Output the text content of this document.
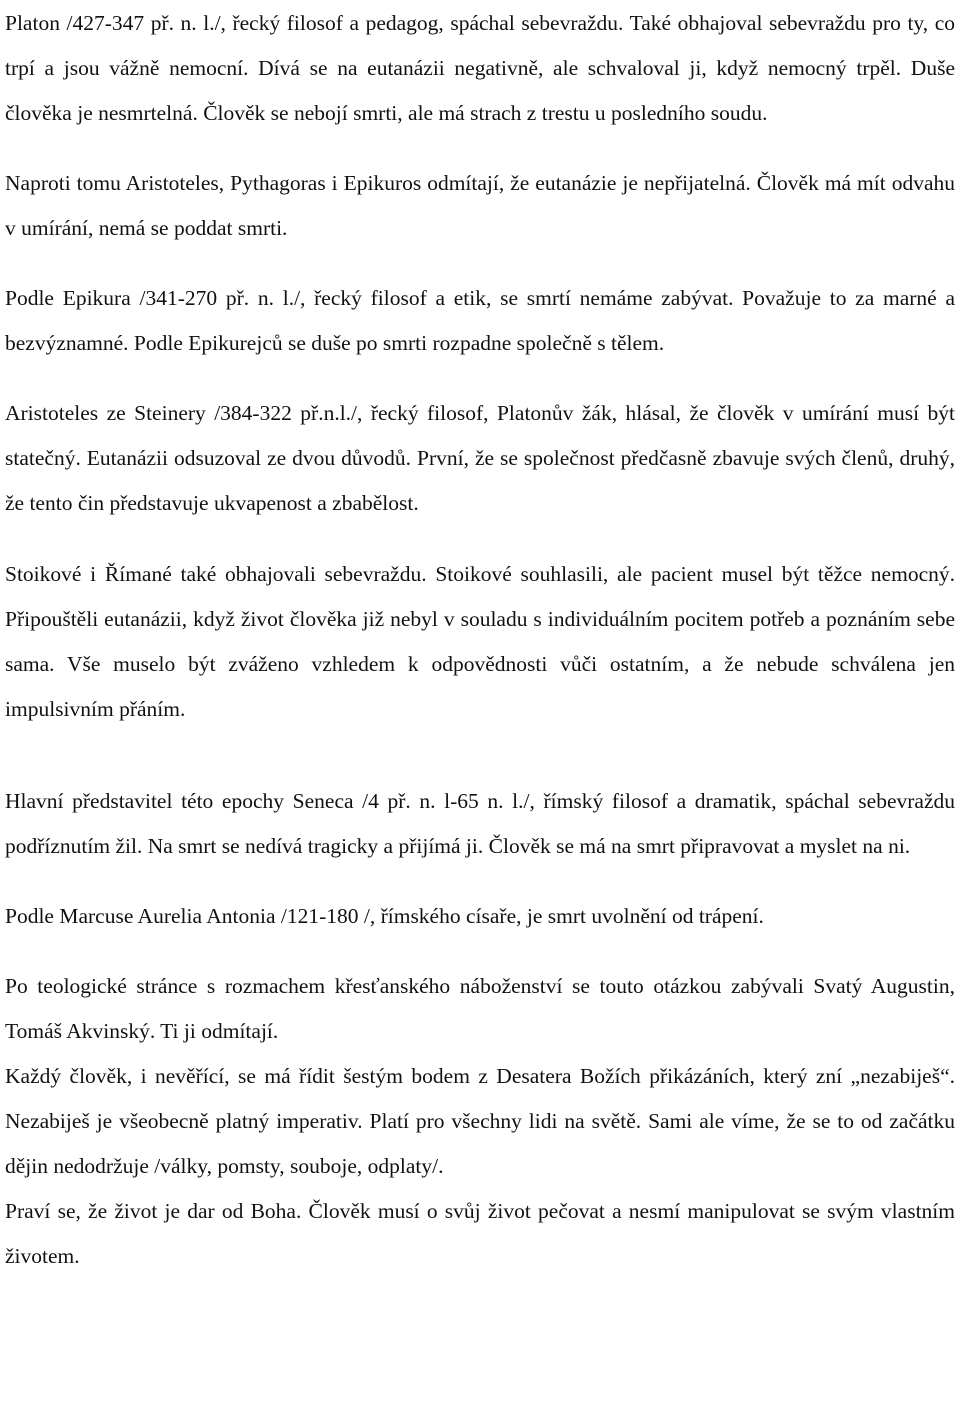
Platon /427-347 př. n. l./, řecký filosof a pedagog, spáchal sebevraždu. Také obhajoval sebevraždu pro ty, co trpí a jsou vážně nemocní. Dívá se na eutanázii negativně, ale schvaloval ji, když nemocný trpěl. Duše člověka je nesmrtelná. Člověk se nebojí smrti, ale má strach z trestu u posledního soudu.

Naproti tomu Aristoteles, Pythagoras i Epikuros odmítají, že eutanázie je nepřijatelná. Člověk má mít odvahu v umírání, nemá se poddat smrti.

Podle Epikura /341-270 př. n. l./, řecký filosof a etik, se smrtí nemáme zabývat. Považuje to za marné a bezvýznamné. Podle Epikurejců se duše po smrti rozpadne společně s tělem.

Aristoteles ze Steinery /384-322 př.n.l./, řecký filosof, Platonův žák, hlásal, že člověk v umírání musí být statečný. Eutanázii odsuzoval ze dvou důvodů. První, že se společnost předčasně zbavuje svých členů, druhý, že tento čin představuje ukvapenost a zbabělost.

Stoikové i Římané také obhajovali sebevraždu. Stoikové souhlasili, ale pacient musel být těžce nemocný. Připouštěli eutanázii, když život člověka již nebyl v souladu s individuálním pocitem potřeb a poznáním sebe sama. Vše muselo být zváženo vzhledem k odpovědnosti vůči ostatním, a že nebude schválena jen impulsivním přáním.

Hlavní představitel této epochy Seneca /4 př. n. l-65 n. l./, římský filosof a dramatik, spáchal sebevraždu podříznutím žil. Na smrt se nedívá tragicky a přijímá ji. Člověk se má na smrt připravovat a myslet na ni.

Podle Marcuse Aurelia Antonia /121-180 /, římského císaře, je smrt uvolnění od trápení.

Po teologické stránce s rozmachem křesťanského náboženství se touto otázkou zabývali Svatý Augustin, Tomáš Akvinský. Ti ji odmítají.

Každý člověk, i nevěřící, se má řídit šestým bodem z Desatera Božích přikázáních, který zní „nezabiješ“. Nezabiješ je všeobecně platný imperativ. Platí pro všechny lidi na světě. Sami ale víme, že se to od začátku dějin nedodržuje /války, pomsty, souboje, odplaty/.

Praví se, že život je dar od Boha. Člověk musí o svůj život pečovat a nesmí manipulovat se svým vlastním životem.
